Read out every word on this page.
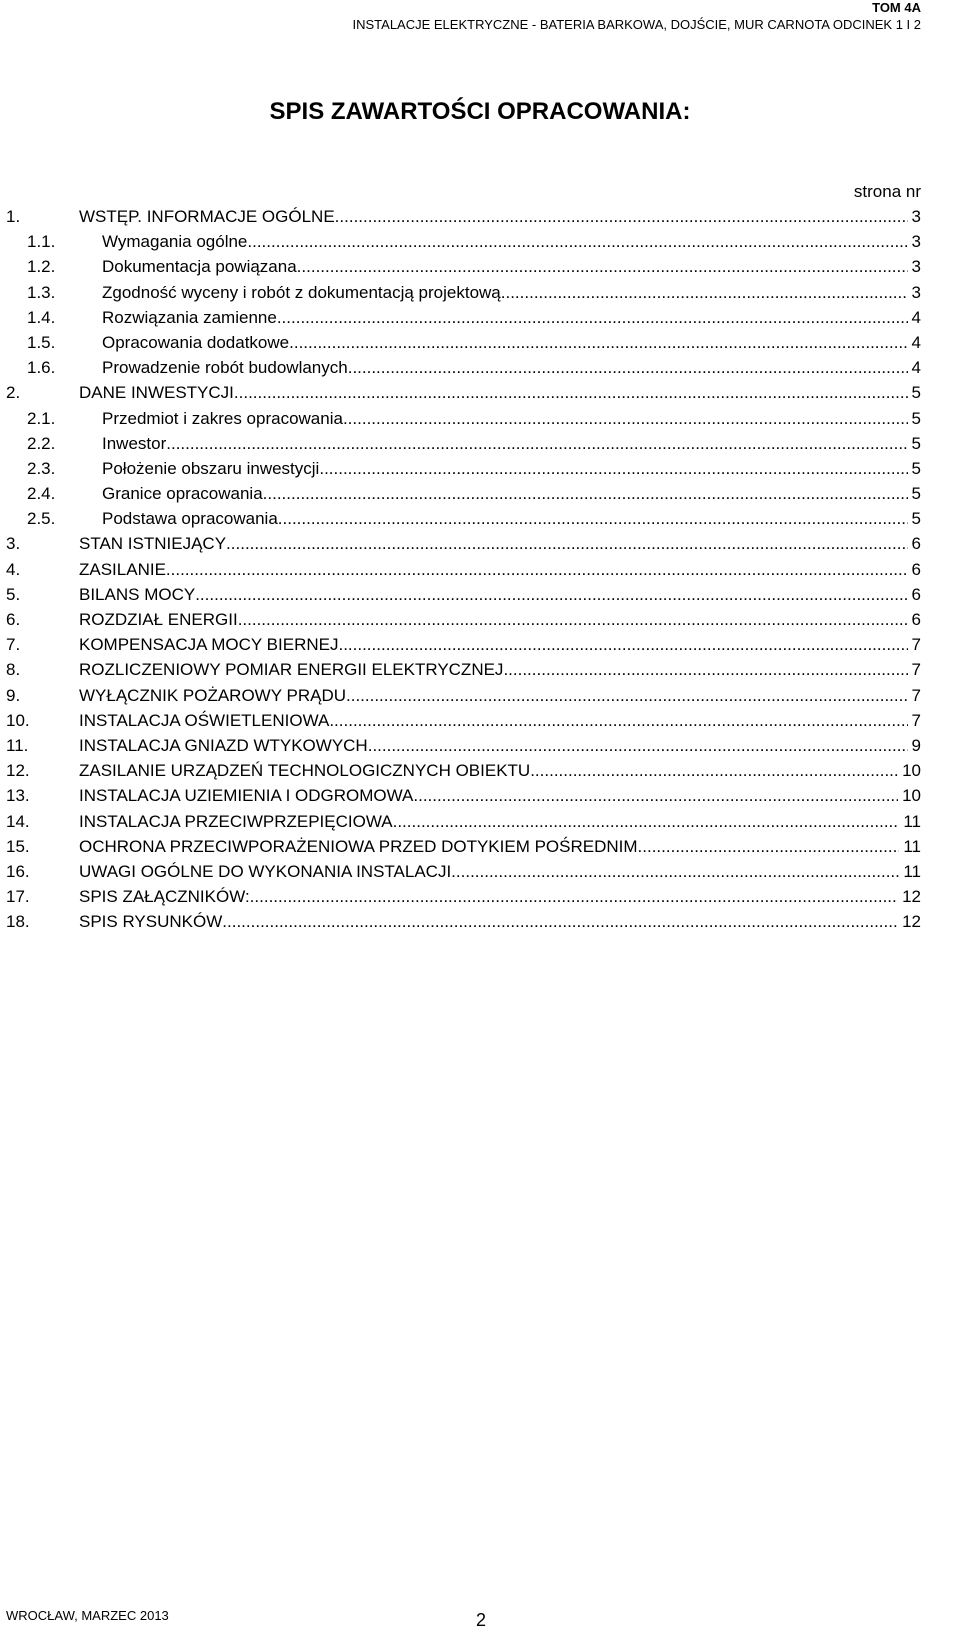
TOM 4A
INSTALACJE ELEKTRYCZNE - BATERIA BARKOWA, DOJŚCIE, MUR CARNOTA ODCINEK 1 I 2
SPIS ZAWARTOŚCI OPRACOWANIA:
strona nr
1.	WSTĘP. INFORMACJE OGÓLNE .....	3
1.1.	Wymagania ogólne .....	3
1.2.	Dokumentacja powiązana .....	3
1.3.	Zgodność wyceny i robót z dokumentacją projektową .....	3
1.4.	Rozwiązania zamienne .....	4
1.5.	Opracowania dodatkowe .....	4
1.6.	Prowadzenie robót budowlanych .....	4
2.	DANE INWESTYCJI .....	5
2.1.	Przedmiot i zakres opracowania .....	5
2.2.	Inwestor .....	5
2.3.	Położenie obszaru inwestycji .....	5
2.4.	Granice opracowania .....	5
2.5.	Podstawa opracowania .....	5
3.	STAN ISTNIEJĄCY .....	6
4.	ZASILANIE .....	6
5.	BILANS MOCY .....	6
6.	ROZDZIAŁ ENERGII .....	6
7.	KOMPENSACJA MOCY BIERNEJ .....	7
8.	ROZLICZENIOWY POMIAR ENERGII ELEKTRYCZNEJ .....	7
9.	WYŁĄCZNIK POŻAROWY PRĄDU .....	7
10.	INSTALACJA OŚWIETLENIOWA .....	7
11.	INSTALACJA GNIAZD WTYKOWYCH .....	9
12.	ZASILANIE URZĄDZEŃ TECHNOLOGICZNYCH OBIEKTU .....	10
13.	INSTALACJA UZIEMIENIA I ODGROMOWA .....	10
14.	INSTALACJA PRZECIWPRZEPIĘCIOWA .....	11
15.	OCHRONA PRZECIWPORAŻENIOWA PRZED DOTYKIEM POŚREDNIM .....	11
16.	UWAGI OGÓLNE DO WYKONANIA INSTALACJI .....	11
17.	SPIS ZAŁĄCZNIKÓW: .....	12
18.	SPIS RYSUNKÓW .....	12
WROCŁAW, MARZEC 2013	2
